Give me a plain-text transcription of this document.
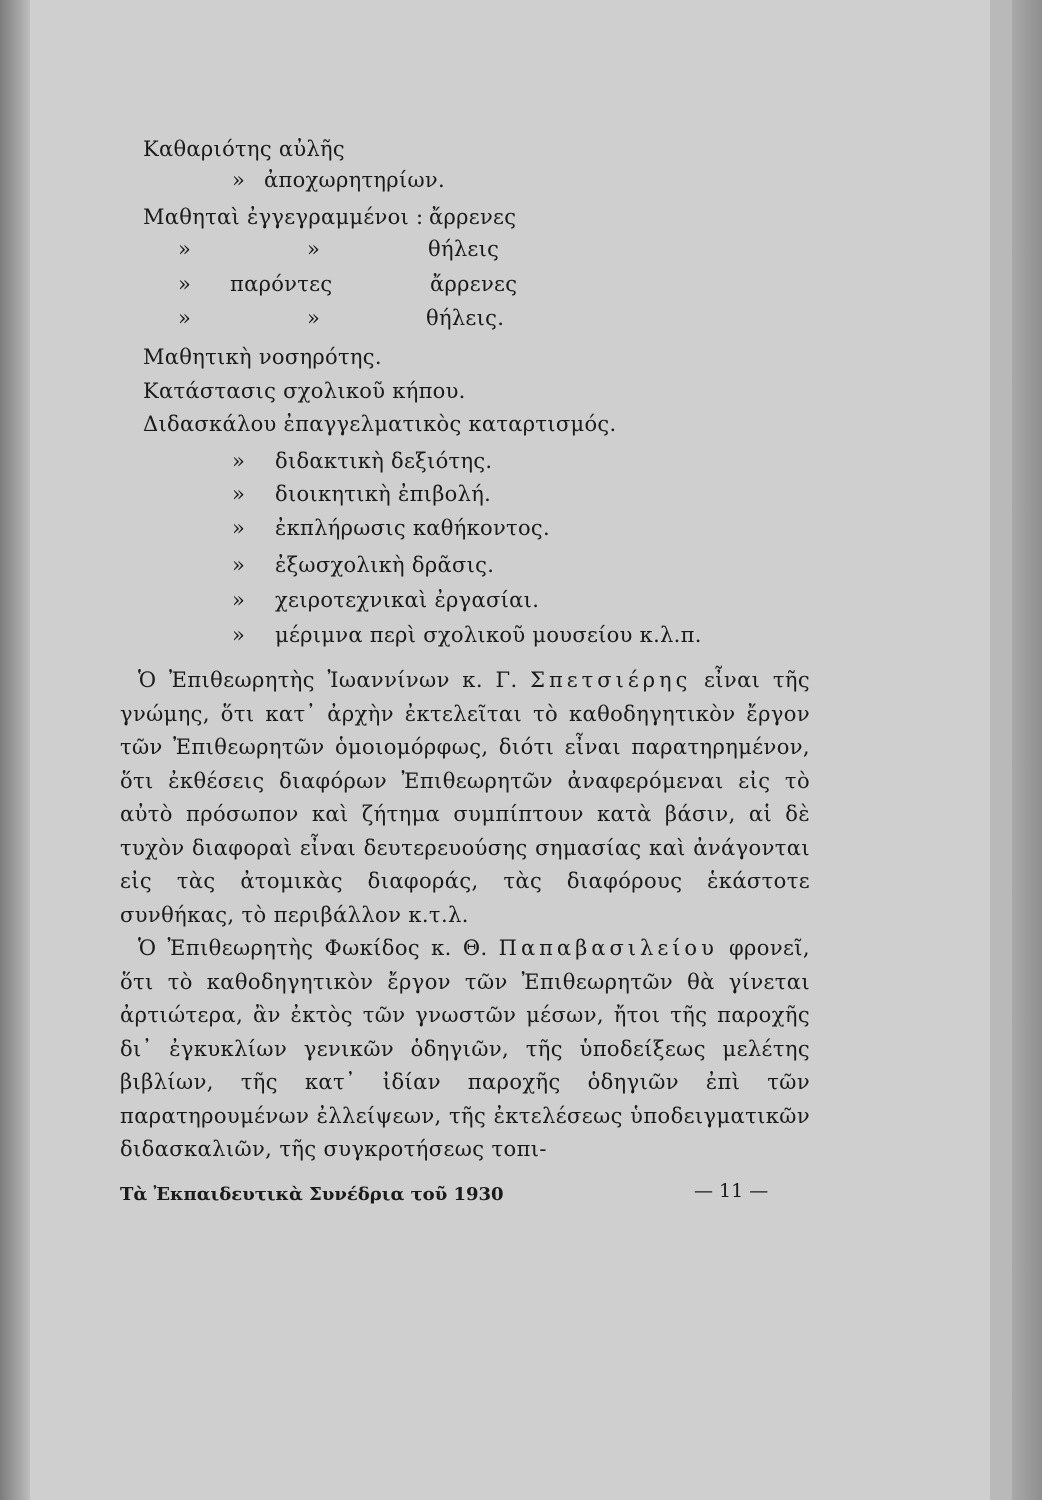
Καθαριότης αὐλῆς
» ἀποχωρητηρίων.
Μαθηταὶ ἐγγεγραμμένοι : ἄρρενες
»	»	θήλεις
» παρόντες	ἄρρενες
»	»	θήλεις.
Μαθητικὴ νοσηρότης.
Κατάστασις σχολικοῦ κήπου.
Διδασκάλου ἐπαγγελματικὸς καταρτισμός.
» διδακτικὴ δεξιότης.
» διοικητικὴ ἐπιβολή.
» ἐκπλήρωσις καθήκοντος.
» ἐξωσχολικὴ δρᾶσις.
» χειροτεχνικαὶ ἐργασίαι.
» μέριμνα περὶ σχολικοῦ μουσείου κ.λ.π.

Ὁ Ἐπιθεωρητὴς Ἰωαννίνων κ. Γ. Σπετσιέρης εἶναι τῆς γνώμης, ὅτι κατ᾽ ἀρχὴν ἐκτελεῖται τὸ καθοδηγητικὸν ἔργον τῶν Ἐπιθεωρητῶν ὁμοιομόρφως, διότι εἶναι παρατηρημένον, ὅτι ἐκθέσεις διαφόρων Ἐπιθεωρητῶν ἀναφερόμεναι εἰς τὸ αὐτὸ πρόσωπον καὶ ζήτημα συμπίπτουν κατὰ βάσιν, αἱ δὲ τυχὸν διαφοραὶ εἶναι δευτερευούσης σημασίας καὶ ἀνάγονται εἰς τὰς ἀτομικὰς διαφοράς, τὰς διαφόρους ἑκάστοτε συνθήκας, τὸ περιβάλλον κ.τ.λ.

Ὁ Ἐπιθεωρητὴς Φωκίδος κ. Θ. Παπαβασιλείου φρονεῖ, ὅτι τὸ καθοδηγητικὸν ἔργον τῶν Ἐπιθεωρητῶν θὰ γίνεται ἀρτιώτερα, ἂν ἐκτὸς τῶν γνωστῶν μέσων, ἤτοι τῆς παροχῆς δι᾽ ἐγκυκλίων γενικῶν ὁδηγιῶν, τῆς ὑποδείξεως μελέτης βιβλίων, τῆς κατ᾽ ἰδίαν παροχῆς ὁδηγιῶν ἐπὶ τῶν παρατηρουμένων ἐλλείψεων, τῆς ἐκτελέσεως ὑποδειγματικῶν διδασκαλιῶν, τῆς συγκροτήσεως τοπι-

Τὰ Ἐκπαιδευτικὰ Συνέδρια τοῦ 1930	— 11 —
